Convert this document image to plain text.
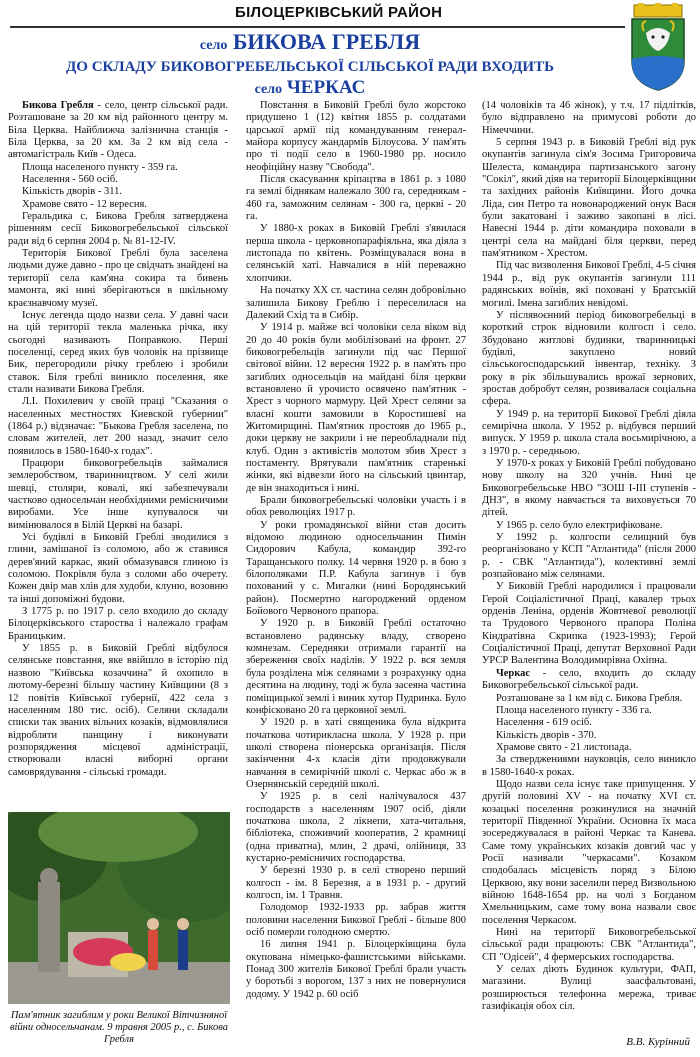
БІЛОЦЕРКІВСЬКИЙ РАЙОН
село БИКОВА ГРЕБЛЯ
ДО СКЛАДУ БИКОВОГРЕБЕЛЬСЬКОЇ СІЛЬСЬКОЇ РАДИ ВХОДИТЬ
село ЧЕРКАС

Бикова Гребля - село, центр сільської ради. Розташоване за 20 км від районного центру м. Біла Церква. Найближча залізнична станція - Біла Церква, за 20 км. За 2 км від села - автомагістраль Київ - Одеса.

Площа населеного пункту - 359 га.

Населення - 560 осіб.

Кількість дворів - 311.

Храмове свято - 12 вересня.

Геральдика с. Бикова Гребля затверджена рішенням сесії Биковогребельської сільської ради від 6 серпня 2004 р. № 81-12-IV.

Територія Бикової Греблі була заселена людьми дуже давно - про це свідчать знайдені на території села кам'яна сокира та бивень мамонта, які нині зберігаються в шкільному краєзнавчому музеї.

Існує легенда щодо назви села. У давні часи на цій території текла маленька річка, яку сьогодні називають Поправкою. Перші поселенці, серед яких був чоловік на прізвище Бик, перегородили річку греблею і зробили ставок. Біля греблі виникло поселення, яке стали називати Бикова Гребля.

Л.І. Похилевич у своїй праці "Сказания о населенных местностях Киевской губернии" (1864 р.) відзначає: "Быкова Гребля заселена, по словам жителей, лет 200 назад, значит село появилось в 1580-1640-х годах".

Працюри биковогребельців займалися землеробством, тваринництвом. У селі жили шевці, столяри, ковалі, які забезпечували частково односельчан необхідними ремісничими виробами. Усе інше купувалося чи вимінювалося в Білій Церкві на базарі.

Усі будівлі в Биковій Греблі зводилися з глини, замішаної із соломою, або ж ставився дерев'яний каркас, який обмазувався глиною із соломою. Покрівля була з соломи або очерету. Кожен двір мав хлів для худоби, клуню, возовню та інші допоміжні будови.

З 1775 р. по 1917 р. село входило до складу Білоцерківського староства і належало графам Браницьким.

У 1855 р. в Биковій Греблі відбулося селянське повстання, яке ввійшло в історію під назвою "Київська козаччина" й охопило в лютому-березні більшу частину Київщини (8 з 12 повітів Київської губернії, 422 села з населенням 180 тис. осіб). Селяни складали списки так званих вільних козаків, відмовлялися відробляти панщину і виконувати розпорядження місцевої адміністрації, створювали власні виборні органи самоврядування - сільські громади.

Повстання в Биковій Греблі було жорстоко придушено 1 (12) квітня 1855 р. солдатами царської армії під командуванням генерал-майора корпусу жандармів Білоусова. У пам'ять про ті події село в 1960-1980 рр. носило неофіційну назву "Свобода".

Після скасування кріпацтва в 1861 р. з 1080 га землі біднякам належало 300 га, середнякам - 460 га, заможним селянам - 300 га, церкві - 20 га.

У 1880-х роках в Биковій Греблі з'явилася перша школа - церковнопарафіяльна, яка діяла з листопада по квітень. Розміщувалася вона в селянській хаті. Навчалися в ній переважно хлопчики.

На початку XX ст. частина селян добровільно залишила Бикову Греблю і переселилася на Далекий Схід та в Сибір.

У 1914 р. майже всі чоловіки села віком від 20 до 40 років були мобілізовані на фронт. 27 биковогребельців загинули під час Першої світової війни. 12 вересня 1922 р. в пам'ять про загиблих односельців на майдані біля церкви встановлено й урочисто освячено пам'ятник - Хрест з чорного мармуру. Цей Хрест селяни за власні кошти замовили в Коростишеві на Житомирщині. Пам'ятник простояв до 1965 р., доки церкву не закрили і не переобладнали під клуб. Один з активістів молотом збив Хрест з постаменту. Врятували пам'ятник старенькі жінки, які відвезли його на сільський цвинтар, де він знаходиться і нині.

Брали биковогребельські чоловіки участь і в обох революціях 1917 р.

У роки громадянської війни став досить відомою людиною односельчанин Пимін Сидорович Кабула, командир 392-го Таращанського полку. 14 червня 1920 р. в бою з білополяками П.Р. Кабула загинув і був похований у с. Мигалки (нині Бородянський район). Посмертно нагороджений орденом Бойового Червоного прапора.

У 1920 р. в Биковій Греблі остаточно встановлено радянську владу, створено комнезам. Середняки отримали гарантії на збереження своїх наділів. У 1922 р. вся земля була розділена між селянами з розрахунку одна десятина на людину, тоді ж була засеяна частина поміщицької землі і виник хутор Пудринка. Було конфісковано 20 га церковної землі.

У 1920 р. в хаті священика була відкрита початкова чотирикласна школа. У 1928 р. при школі створена піонерська організація. Після закінчення 4-х класів діти продовжували навчання в семирічній школі с. Черкас або ж в Озернянській середній школі.

У 1925 р. в селі налічувалося 437 господарств з населенням 1907 осіб, діяли початкова школа, 2 лікнепи, хата-читальня, бібліотека, споживчий кооператив, 2 крамниці (одна приватна), млин, 2 драчі, олійниця, 33 кустарно-ремісничих господарства.

У березні 1930 р. в селі створено перший колгосп - ім. 8 Березня, а в 1931 р. - другий колгосп, ім. 1 Травня.

Голодомор 1932-1933 рр. забрав життя половини населення Бикової Греблі - більше 800 осіб померли голодною смертю.

16 липня 1941 р. Білоцерківщина була окупована німецько-фашистськими військами. Понад 300 жителів Бикової Греблі брали участь у боротьбі з ворогом, 137 з них не повернулися додому. У 1942 р. 60 осіб

(14 чоловіків та 46 жінок), у т.ч. 17 підлітків, було відправлено на примусові роботи до Німеччини.

5 серпня 1943 р. в Биковій Греблі від рук окупантів загинула сім'я Зосима Григоровича Шелеста, командира партизанського загону "Сокіл", який діяв на території Білоцерківщини та західних районів Київщини. Його дочка Ліда, син Петро та новонароджений онук Вася були закатовані і заживо закопані в лісі. Навесні 1944 р. діти командира поховали в центрі села на майдані біля церкви, перед пам'ятником - Хрестом.

Під час визволення Бикової Греблі, 4-5 січня 1944 р., від рук окупантів загинули 111 радянських воїнів, які поховані у Братській могилі. Імена загиблих невідомі.

У післявоєнний період биковогребельці в короткий строк відновили колгосп і село. Збудовано житлові будинки, тваринницькі будівлі, закуплено новий сільськогосподарський інвентар, техніку. З року в рік збільшувались врожаї зернових, зростав добробут селян, розвивалася соціальна сфера.

У 1949 р. на території Бикової Греблі діяла семирічна школа. У 1952 р. відбувся перший випуск. У 1959 р. школа стала восьмирічною, а з 1970 р. - середньою.

У 1970-х роках у Биковій Греблі побудовано нову школу на 320 учнів. Нині це Биковогребельське НВО "ЗОШ І-ІІІ ступенів - ДНЗ", в якому навчається та виховується 70 дітей.

У 1965 р. село було електрифіковане.

У 1992 р. колгоспи селищний був реорганізовано у КСП "Атлантида" (після 2000 р. - СВК "Атлантида"), колективні землі розпайовано між селянами.

У Биковій Греблі народилися і працювали Герой Соціалістичної Праці, кавалер трьох орденів Леніна, орденів Жовтневої революції та Трудового Червоного прапора Поліна Кіндратівна Скрипка (1923-1993); Герой Соціалістичної Праці, депутат Верховної Ради УРСР Валентина Володимирівна Охіпна.

Черкас - село, входить до складу Биковогребельської сільської ради.

Розташоване за 1 км від с. Бикова Гребля.

Площа населеного пункту - 336 га.

Населення - 619 осіб.

Кількість дворів - 370.

Храмове свято - 21 листопада.

За стверджениями науковців, село виникло в 1580-1640-х роках.

Щодо назви села існує таке припущення. У другій половині XV - на початку XVI ст. козацькі поселення розкинулися на значній території Південної України. Основна їх маса зосереджувалася в районі Черкас та Канева. Саме тому українських козаків довгий час у Росії називали "черкасами". Козаком сподобалась місцевість поряд з Білою Церквою, яку вони заселили перед Визвольною війною 1648-1654 рр. на чолі з Богданом Хмельницьким, саме тому вона назвали своє поселення Черкасом.

Нині на території Биковогребельської сільської ради працюють: СВК "Атлантида", СП "Одісей", 4 фермерських господарства.

У селах діють Будинок культури, ФАП, магазини. Вулиці заасфальтовані, розширюється телефонна мережа, триває газифікація обох сіл.

Пам'ятник загиблим у роки Великої Вітчизняної війни односельчанам. 9 травня 2005 р., с. Бикова Гребля	В.В. Курінний
